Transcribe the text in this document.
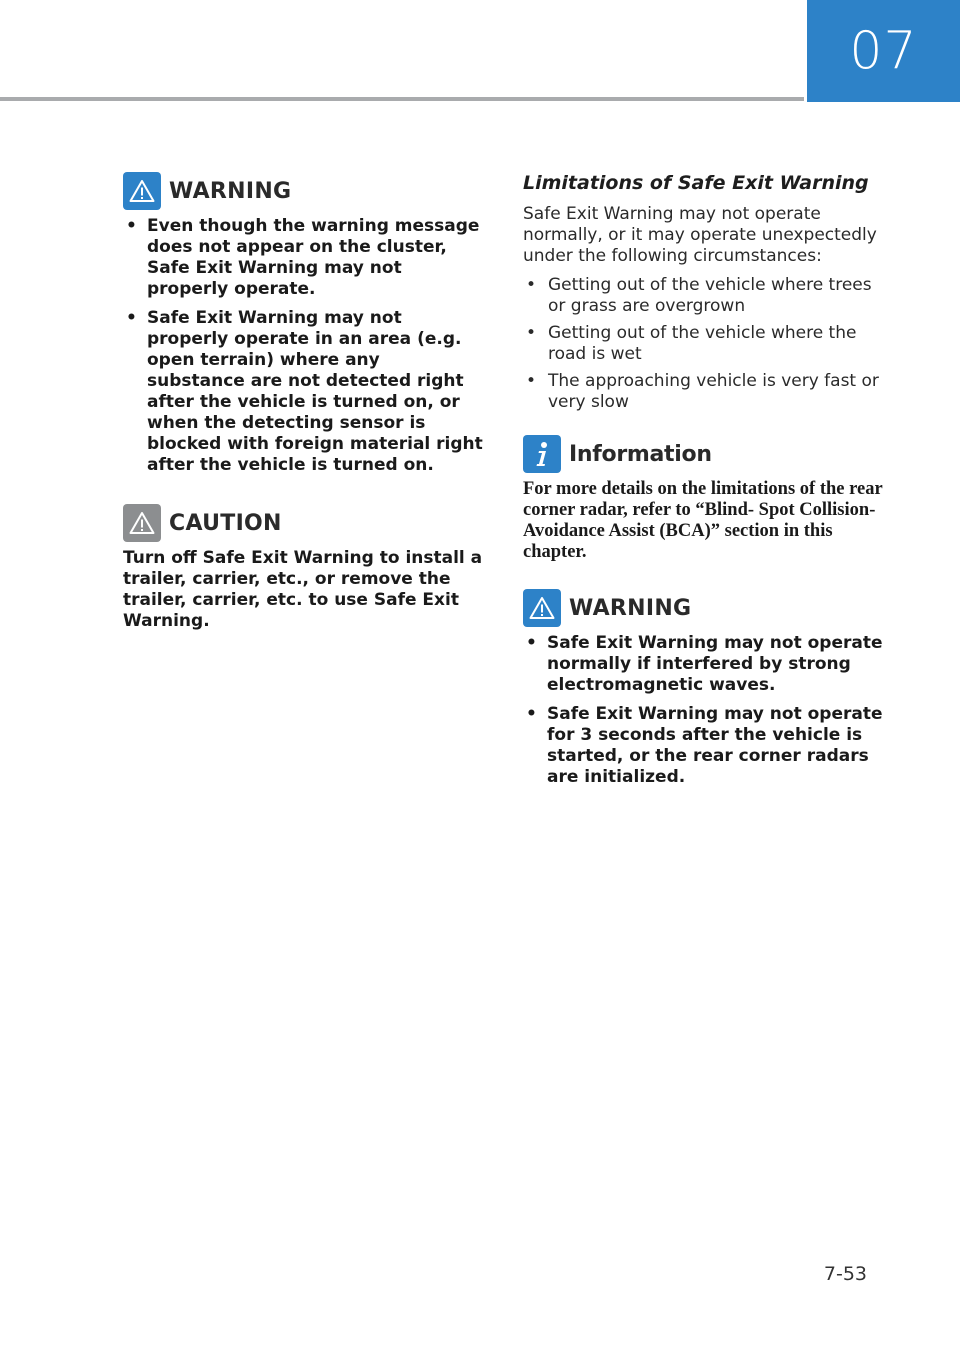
07
WARNING
• Even though the warning message does not appear on the cluster, Safe Exit Warning may not properly operate.
• Safe Exit Warning may not properly operate in an area (e.g. open terrain) where any substance are not detected right after the vehicle is turned on, or when the detecting sensor is blocked with foreign material right after the vehicle is turned on.
CAUTION

Turn off Safe Exit Warning to install a trailer, carrier, etc., or remove the trailer, carrier, etc. to use Safe Exit Warning.

Limitations of Safe Exit Warning

Safe Exit Warning may not operate normally, or it may operate unexpectedly under the following circumstances:

• Getting out of the vehicle where trees or grass are overgrown
• Getting out of the vehicle where the road is wet
• The approaching vehicle is very fast or very slow
Information

For more details on the limitations of the rear corner radar, refer to “Blind- Spot Collision-Avoidance Assist (BCA)” section in this chapter.

WARNING
• Safe Exit Warning may not operate normally if interfered by strong electromagnetic waves.
• Safe Exit Warning may not operate for 3 seconds after the vehicle is started, or the rear corner radars are initialized.
7-53
